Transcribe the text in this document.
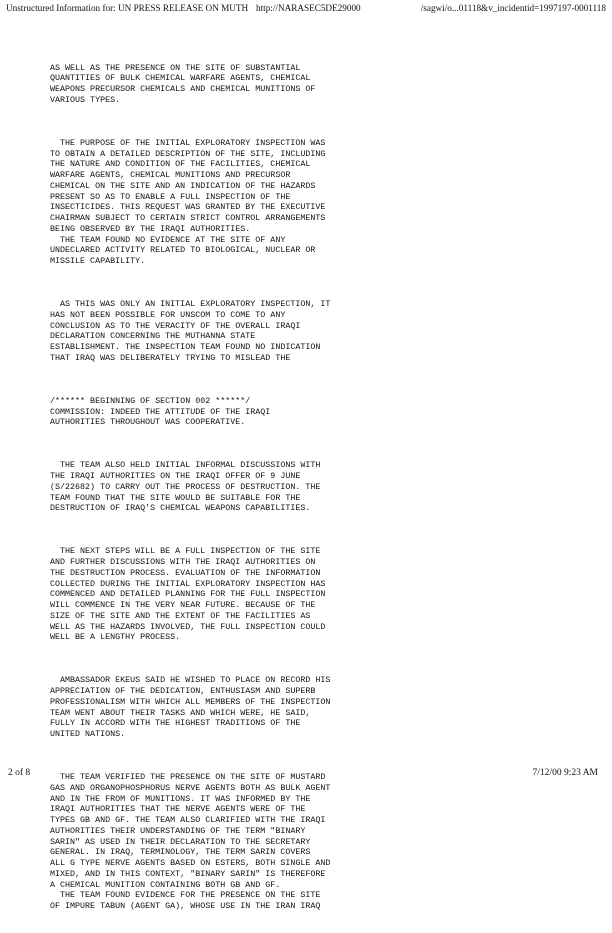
Unstructured Information for: UN PRESS RELEASE ON MUTH http://NARASEC5DE29000	/sagwi/o...01118&v_incidentid=1997197-0001118

AS WELL AS THE PRESENCE ON THE SITE OF SUBSTANTIAL
QUANTITIES OF BULK CHEMICAL WARFARE AGENTS, CHEMICAL
WEAPONS PRECURSOR CHEMICALS AND CHEMICAL MUNITIONS OF
VARIOUS TYPES.

THE PURPOSE OF THE INITIAL EXPLORATORY INSPECTION WAS
TO OBTAIN A DETAILED DESCRIPTION OF THE SITE, INCLUDING
THE NATURE AND CONDITION OF THE FACILITIES, CHEMICAL
WARFARE AGENTS, CHEMICAL MUNITIONS AND PRECURSOR
CHEMICAL ON THE SITE AND AN INDICATION OF THE HAZARDS
PRESENT SO AS TO ENABLE A FULL INSPECTION OF THE
INSECTICIDES. THIS REQUEST WAS GRANTED BY THE EXECUTIVE
CHAIRMAN SUBJECT TO CERTAIN STRICT CONTROL ARRANGEMENTS
BEING OBSERVED BY THE IRAQI AUTHORITIES.
THE TEAM FOUND NO EVIDENCE AT THE SITE OF ANY
UNDECLARED ACTIVITY RELATED TO BIOLOGICAL, NUCLEAR OR
MISSILE CAPABILITY.

AS THIS WAS ONLY AN INITIAL EXPLORATORY INSPECTION, IT
HAS NOT BEEN POSSIBLE FOR UNSCOM TO COME TO ANY
CONCLUSION AS TO THE VERACITY OF THE OVERALL IRAQI
DECLARATION CONCERNING THE MUTHANNA STATE
ESTABLISHMENT. THE INSPECTION TEAM FOUND NO INDICATION
THAT IRAQ WAS DELIBERATELY TRYING TO MISLEAD THE

/****** BEGINNING OF SECTION 002 ******/
COMMISSION: INDEED THE ATTITUDE OF THE IRAQI
AUTHORITIES THROUGHOUT WAS COOPERATIVE.

THE TEAM ALSO HELD INITIAL INFORMAL DISCUSSIONS WITH
THE IRAQI AUTHORITIES ON THE IRAQI OFFER OF 9 JUNE
(S/22682) TO CARRY OUT THE PROCESS OF DESTRUCTION. THE
TEAM FOUND THAT THE SITE WOULD BE SUITABLE FOR THE
DESTRUCTION OF IRAQ'S CHEMICAL WEAPONS CAPABILITIES.

THE NEXT STEPS WILL BE A FULL INSPECTION OF THE SITE
AND FURTHER DISCUSSIONS WITH THE IRAQI AUTHORITIES ON
THE DESTRUCTION PROCESS. EVALUATION OF THE INFORMATION
COLLECTED DURING THE INITIAL EXPLORATORY INSPECTION HAS
COMMENCED AND DETAILED PLANNING FOR THE FULL INSPECTION
WILL COMMENCE IN THE VERY NEAR FUTURE. BECAUSE OF THE
SIZE OF THE SITE AND THE EXTENT OF THE FACILITIES AS
WELL AS THE HAZARDS INVOLVED, THE FULL INSPECTION COULD
WELL BE A LENGTHY PROCESS.

AMBASSADOR EKEUS SAID HE WISHED TO PLACE ON RECORD HIS
APPRECIATION OF THE DEDICATION, ENTHUSIASM AND SUPERB
PROFESSIONALISM WITH WHICH ALL MEMBERS OF THE INSPECTION
TEAM WENT ABOUT THEIR TASKS AND WHICH WERE, HE SAID,
FULLY IN ACCORD WITH THE HIGHEST TRADITIONS OF THE
UNITED NATIONS.

THE TEAM VERIFIED THE PRESENCE ON THE SITE OF MUSTARD
GAS AND ORGANOPHOSPHORUS NERVE AGENTS BOTH AS BULK AGENT
AND IN THE FROM OF MUNITIONS. IT WAS INFORMED BY THE
IRAQI AUTHORITIES THAT THE NERVE AGENTS WERE OF THE
TYPES GB AND GF. THE TEAM ALSO CLARIFIED WITH THE IRAQI
AUTHORITIES THEIR UNDERSTANDING OF THE TERM "BINARY
SARIN" AS USED IN THEIR DECLARATION TO THE SECRETARY
GENERAL. IN IRAQ, TERMINOLOGY, THE TERM SARIN COVERS
ALL G TYPE NERVE AGENTS BASED ON ESTERS, BOTH SINGLE AND
MIXED, AND IN THIS CONTEXT, "BINARY SARIN" IS THEREFORE
A CHEMICAL MUNITION CONTAINING BOTH GB AND GF.
THE TEAM FOUND EVIDENCE FOR THE PRESENCE ON THE SITE
OF IMPURE TABUN (AGENT GA), WHOSE USE IN THE IRAN IRAQ

2 of 8	7/12/00 9:23 AM
